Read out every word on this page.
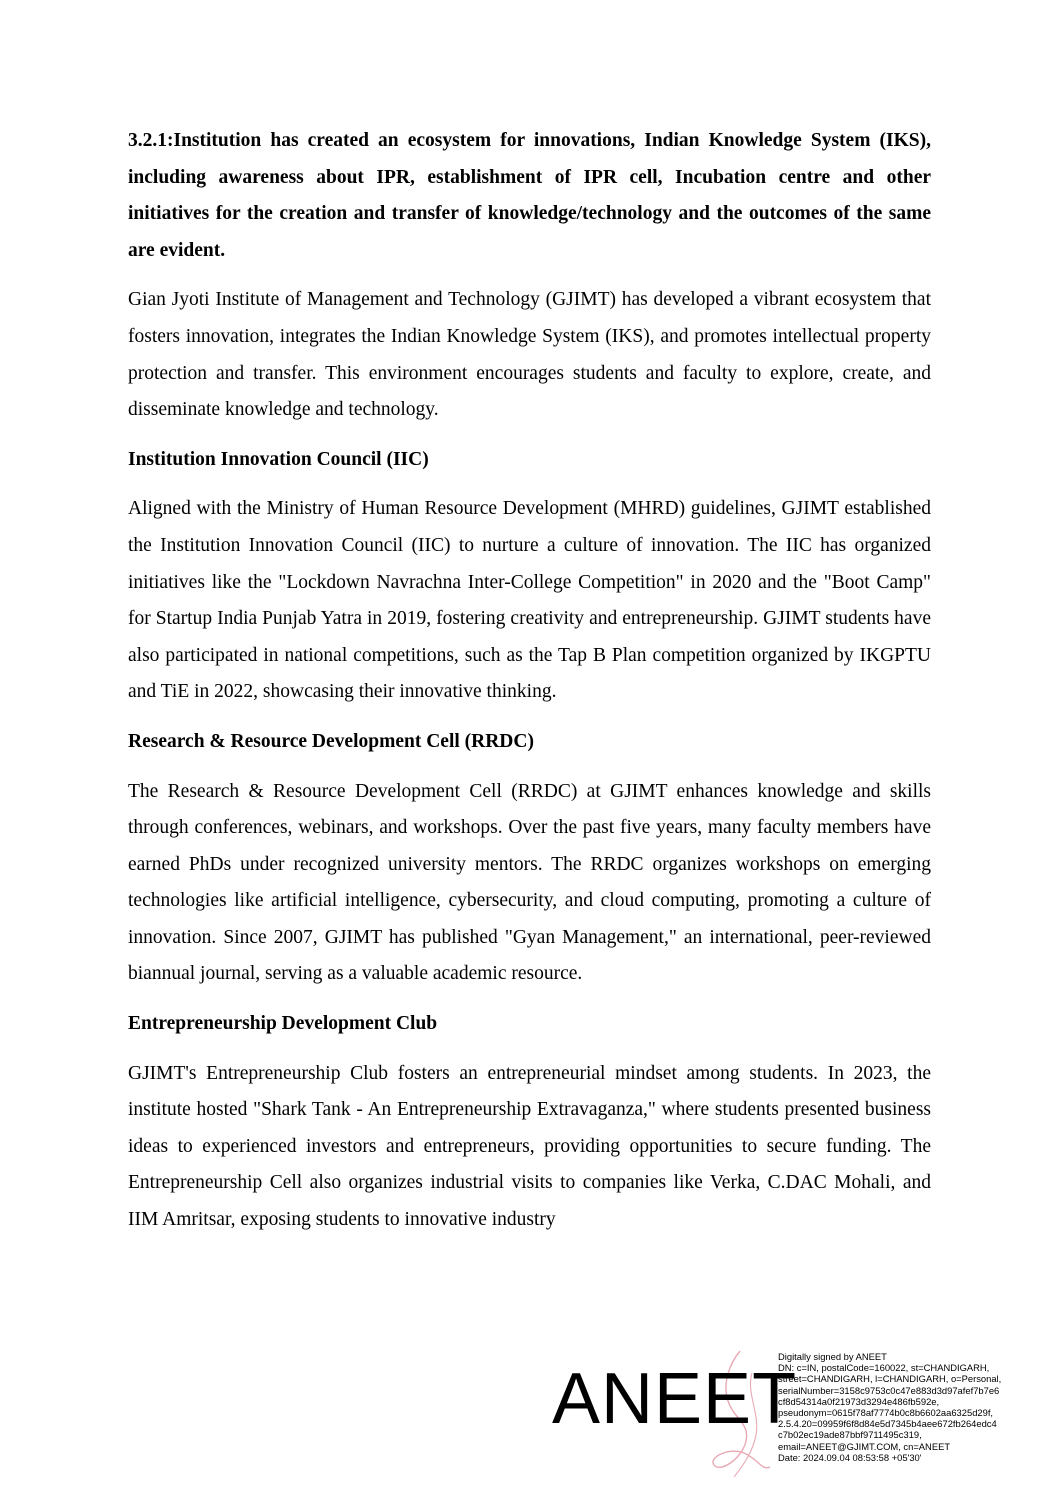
3.2.1:Institution has created an ecosystem for innovations, Indian Knowledge System (IKS), including awareness about IPR, establishment of IPR cell, Incubation centre and other initiatives for the creation and transfer of knowledge/technology and the outcomes of the same are evident.

Gian Jyoti Institute of Management and Technology (GJIMT) has developed a vibrant ecosystem that fosters innovation, integrates the Indian Knowledge System (IKS), and promotes intellectual property protection and transfer. This environment encourages students and faculty to explore, create, and disseminate knowledge and technology.

Institution Innovation Council (IIC)

Aligned with the Ministry of Human Resource Development (MHRD) guidelines, GJIMT established the Institution Innovation Council (IIC) to nurture a culture of innovation. The IIC has organized initiatives like the "Lockdown Navrachna Inter-College Competition" in 2020 and the "Boot Camp" for Startup India Punjab Yatra in 2019, fostering creativity and entrepreneurship. GJIMT students have also participated in national competitions, such as the Tap B Plan competition organized by IKGPTU and TiE in 2022, showcasing their innovative thinking.

Research & Resource Development Cell (RRDC)

The Research & Resource Development Cell (RRDC) at GJIMT enhances knowledge and skills through conferences, webinars, and workshops. Over the past five years, many faculty members have earned PhDs under recognized university mentors. The RRDC organizes workshops on emerging technologies like artificial intelligence, cybersecurity, and cloud computing, promoting a culture of innovation. Since 2007, GJIMT has published "Gyan Management," an international, peer-reviewed biannual journal, serving as a valuable academic resource.

Entrepreneurship Development Club

GJIMT's Entrepreneurship Club fosters an entrepreneurial mindset among students. In 2023, the institute hosted "Shark Tank - An Entrepreneurship Extravaganza," where students presented business ideas to experienced investors and entrepreneurs, providing opportunities to secure funding. The Entrepreneurship Cell also organizes industrial visits to companies like Verka, C.DAC Mohali, and IIM Amritsar, exposing students to innovative industry

ANEET
Digitally signed by ANEET
DN: c=IN, postalCode=160022, st=CHANDIGARH,
street=CHANDIGARH, l=CHANDIGARH, o=Personal,
serialNumber=3158c9753c0c47e883d3d97afef7b7e6
cf8d54314a0f21973d3294e486fb592e,
pseudonym=0615f78af7774b0c8b6602aa6325d29f,
2.5.4.20=09959f6f8d84e5d7345b4aee672fb264edc4
c7b02ec19ade87bbf9711495c319,
email=ANEET@GJIMT.COM, cn=ANEET
Date: 2024.09.04 08:53:58 +05'30'
